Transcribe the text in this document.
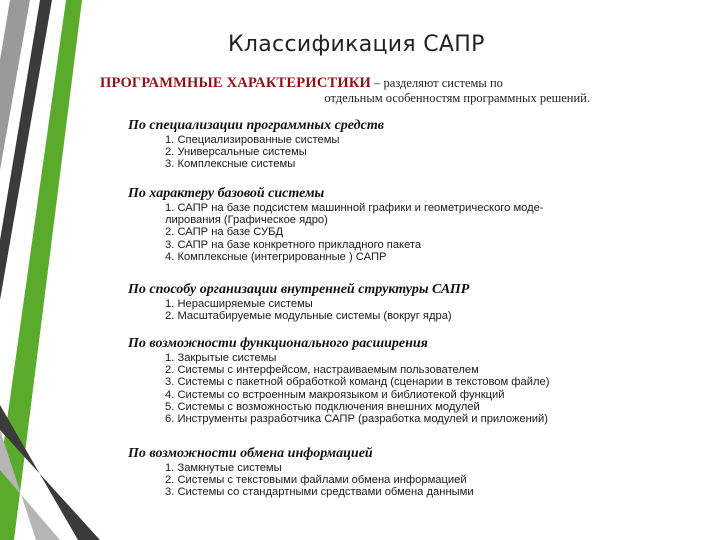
Классификация САПР
ПРОГРАММНЫЕ ХАРАКТЕРИСТИКИ – разделяют системы по
отдельным особенностям программных решений.
По специализации программных средств
1. Специализированные системы
2. Универсальные системы
3. Комплексные системы
По характеру базовой системы
1. САПР на базе подсистем машинной графики и геометрического моде-
лирования (Графическое ядро)
2. САПР на базе СУБД
3. САПР на базе конкретного прикладного пакета
4. Комплексные (интегрированные ) САПР
По способу организации внутренней структуры САПР
1. Нерасширяемые системы
2. Масштабируемые модульные системы (вокруг ядра)
По возможности функционального расширения
1. Закрытые системы
2. Системы с интерфейсом, настраиваемым пользователем
3. Системы с пакетной обработкой команд (сценарии в текстовом файле)
4. Системы со встроенным макроязыком и библиотекой функций
5. Системы с возможностью подключения внешних модулей
6. Инструменты разработчика САПР (разработка модулей и приложений)
По возможности обмена информацией
1. Замкнутые системы
2. Системы с текстовыми файлами обмена информацией
3. Системы со стандартными средствами обмена данными
